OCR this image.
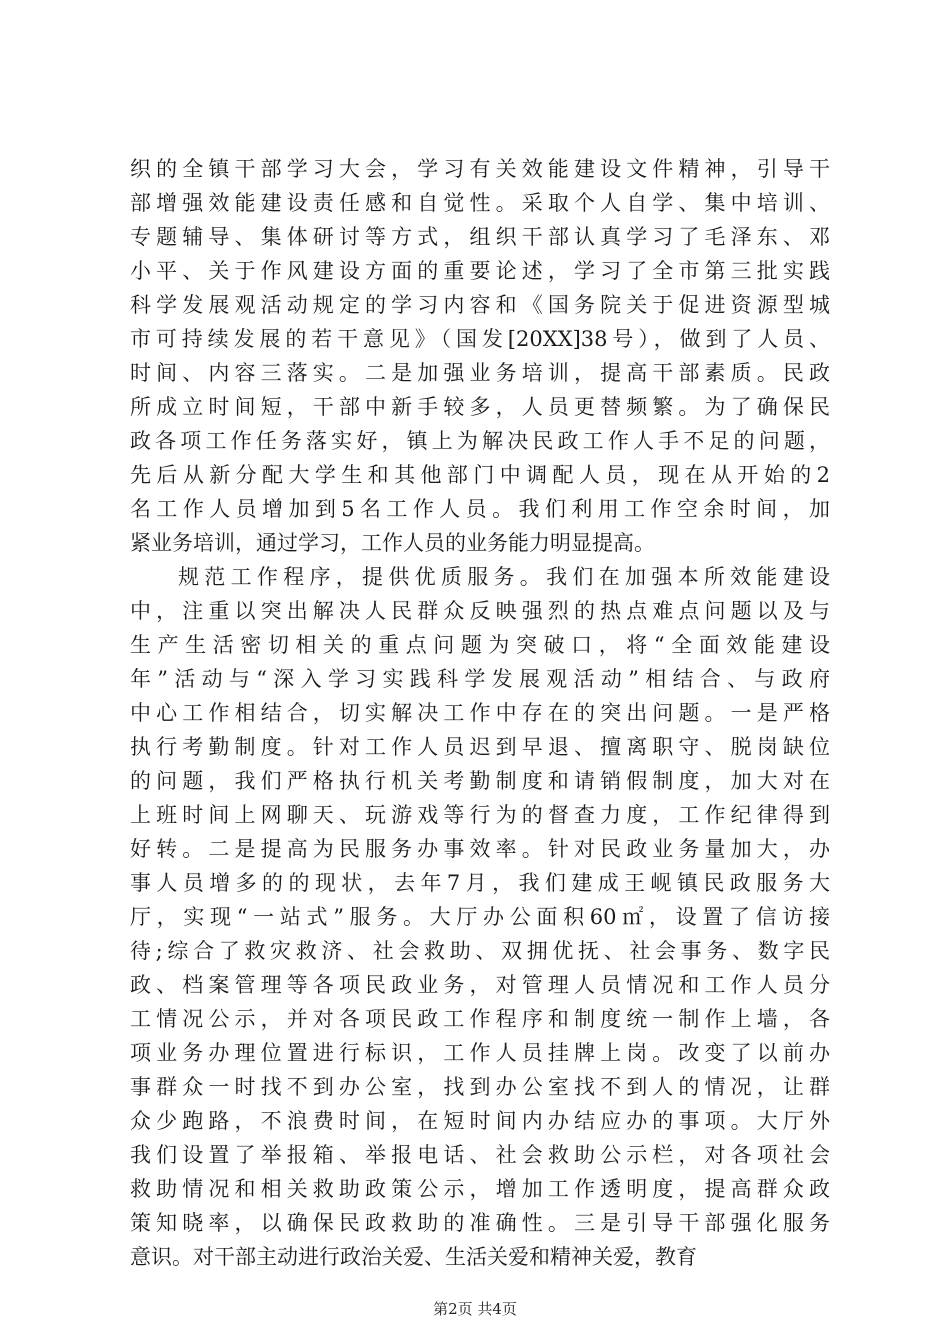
织的全镇干部学习大会，学习有关效能建设文件精神，引导干
部增强效能建设责任感和自觉性。采取个人自学、集中培训、
专题辅导、集体研讨等方式，组织干部认真学习了毛泽东、邓
小平、关于作风建设方面的重要论述，学习了全市第三批实践
科学发展观活动规定的学习内容和《国务院关于促进资源型城
市可持续发展的若干意见》（国发[20XX]38号），做到了人员、
时间、内容三落实。二是加强业务培训，提高干部素质。民政
所成立时间短，干部中新手较多，人员更替频繁。为了确保民
政各项工作任务落实好，镇上为解决民政工作人手不足的问题，
先后从新分配大学生和其他部门中调配人员，现在从开始的2
名工作人员增加到5名工作人员。我们利用工作空余时间，加
紧业务培训，通过学习，工作人员的业务能力明显提高。
规范工作程序，提供优质服务。我们在加强本所效能建设
中，注重以突出解决人民群众反映强烈的热点难点问题以及与
生产生活密切相关的重点问题为突破口，将“全面效能建设
年”活动与“深入学习实践科学发展观活动”相结合、与政府
中心工作相结合，切实解决工作中存在的突出问题。一是严格
执行考勤制度。针对工作人员迟到早退、擅离职守、脱岗缺位
的问题，我们严格执行机关考勤制度和请销假制度，加大对在
上班时间上网聊天、玩游戏等行为的督查力度，工作纪律得到
好转。二是提高为民服务办事效率。针对民政业务量加大，办
事人员增多的的现状，去年7月，我们建成王岘镇民政服务大
厅，实现“一站式”服务。大厅办公面积60㎡，设置了信访接
待;综合了救灾救济、社会救助、双拥优抚、社会事务、数字民
政、档案管理等各项民政业务，对管理人员情况和工作人员分
工情况公示，并对各项民政工作程序和制度统一制作上墙，各
项业务办理位置进行标识，工作人员挂牌上岗。改变了以前办
事群众一时找不到办公室，找到办公室找不到人的情况，让群
众少跑路，不浪费时间，在短时间内办结应办的事项。大厅外
我们设置了举报箱、举报电话、社会救助公示栏，对各项社会
救助情况和相关救助政策公示，增加工作透明度，提高群众政
策知晓率，以确保民政救助的准确性。三是引导干部强化服务
意识。对干部主动进行政治关爱、生活关爱和精神关爱，教育
第2页 共4页
